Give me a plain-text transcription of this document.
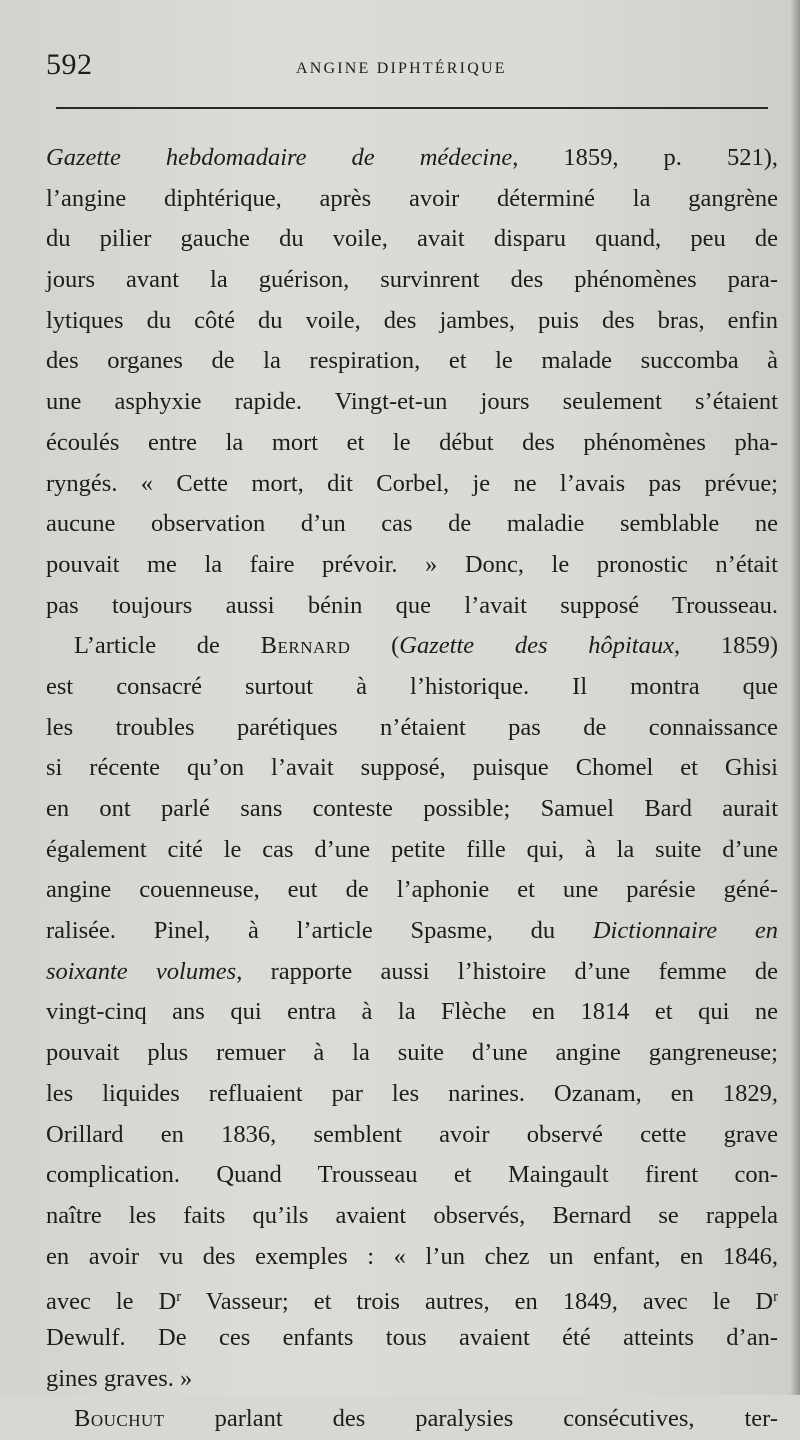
592	ANGINE DIPHTÉRIQUE
Gazette hebdomadaire de médecine, 1859, p. 521),
l’angine diphtérique, après avoir déterminé la gangrène
du pilier gauche du voile, avait disparu quand, peu de
jours avant la guérison, survinrent des phénomènes para-
lytiques du côté du voile, des jambes, puis des bras, enfin
des organes de la respiration, et le malade succomba à
une asphyxie rapide. Vingt-et-un jours seulement s’étaient
écoulés entre la mort et le début des phénomènes pha-
ryngés. « Cette mort, dit Corbel, je ne l’avais pas prévue;
aucune observation d’un cas de maladie semblable ne
pouvait me la faire prévoir. » Donc, le pronostic n’était
pas toujours aussi bénin que l’avait supposé Trousseau.
L’article de Bernard (Gazette des hôpitaux, 1859)
est consacré surtout à l’historique. Il montra que
les troubles parétiques n’étaient pas de connaissance
si récente qu’on l’avait supposé, puisque Chomel et Ghisi
en ont parlé sans conteste possible; Samuel Bard aurait
également cité le cas d’une petite fille qui, à la suite d’une
angine couenneuse, eut de l’aphonie et une parésie géné-
ralisée. Pinel, à l’article Spasme, du Dictionnaire en
soixante volumes, rapporte aussi l’histoire d’une femme de
vingt-cinq ans qui entra à la Flèche en 1814 et qui ne
pouvait plus remuer à la suite d’une angine gangreneuse;
les liquides refluaient par les narines. Ozanam, en 1829,
Orillard en 1836, semblent avoir observé cette grave
complication. Quand Trousseau et Maingault firent con-
naître les faits qu’ils avaient observés, Bernard se rappela
en avoir vu des exemples : « l’un chez un enfant, en 1846,
avec le $D^r$ Vasseur; et trois autres, en 1849, avec le $D^r$
Dewulf. De ces enfants tous avaient été atteints d’an-
gines graves. »
Bouchut parlant des paralysies consécutives, ter-
